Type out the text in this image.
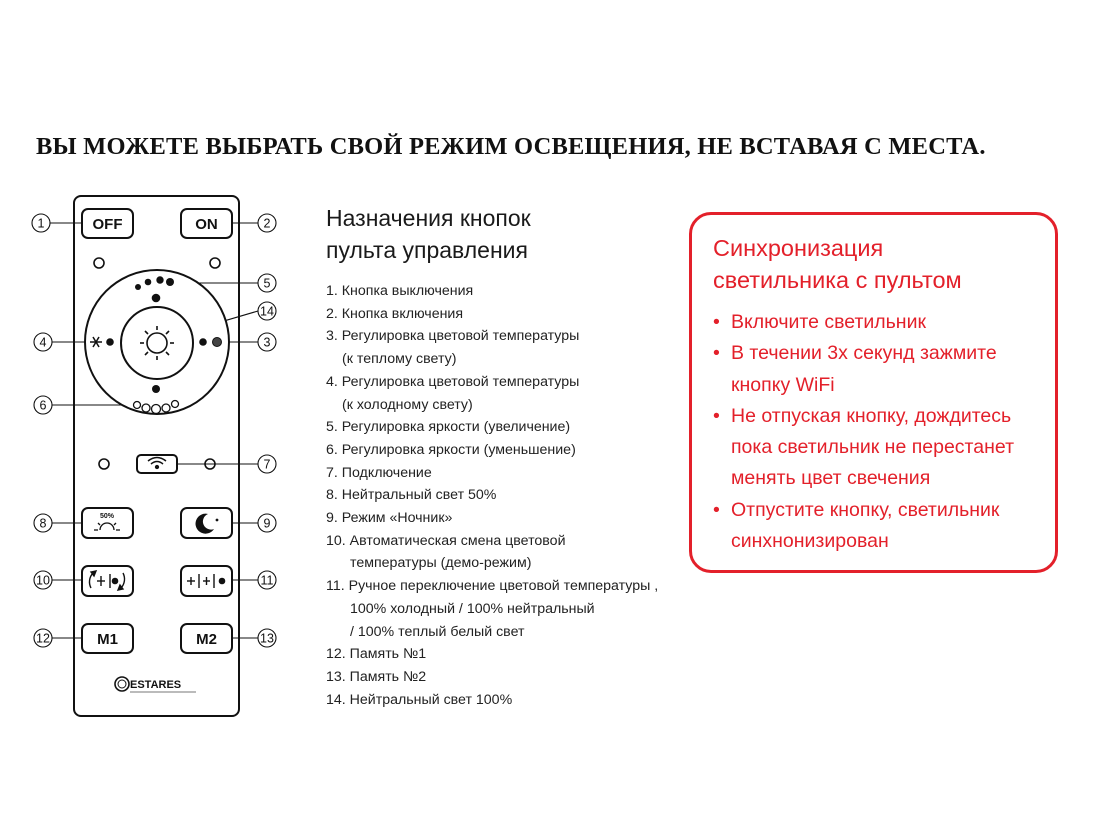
ВЫ МОЖЕТЕ ВЫБРАТЬ СВОЙ РЕЖИМ ОСВЕЩЕНИЯ, НЕ ВСТАВАЯ С МЕСТА.
OFF	ON
50%
M1	M2
ESTARES
1	2
3
4
5
6
7
8	9
10	11
12	13
14
Назначения кнопок
пульта управления
1. Кнопка выключения
2. Кнопка включения
3. Регулировка цветовой температуры
(к теплому свету)
4. Регулировка цветовой температуры
(к холодному свету)
5. Регулировка яркости (увеличение)
6. Регулировка яркости (уменьшение)
7. Подключение
8. Нейтральный свет 50%
9. Режим «Ночник»
10. Автоматическая смена цветовой
температуры (демо-режим)
11. Ручное переключение цветовой температуры ,
100% холодный / 100% нейтральный
/ 100% теплый белый свет
12. Память №1
13. Память №2
14. Нейтральный свет 100%
Синхронизация
светильника с пультом
• Включите светильник
• В течении 3х секунд зажмите
кнопку WiFi
• Не отпуская кнопку, дождитесь
пока светильник не перестанет
менять цвет свечения
• Отпустите кнопку, светильник
синхнонизирован
